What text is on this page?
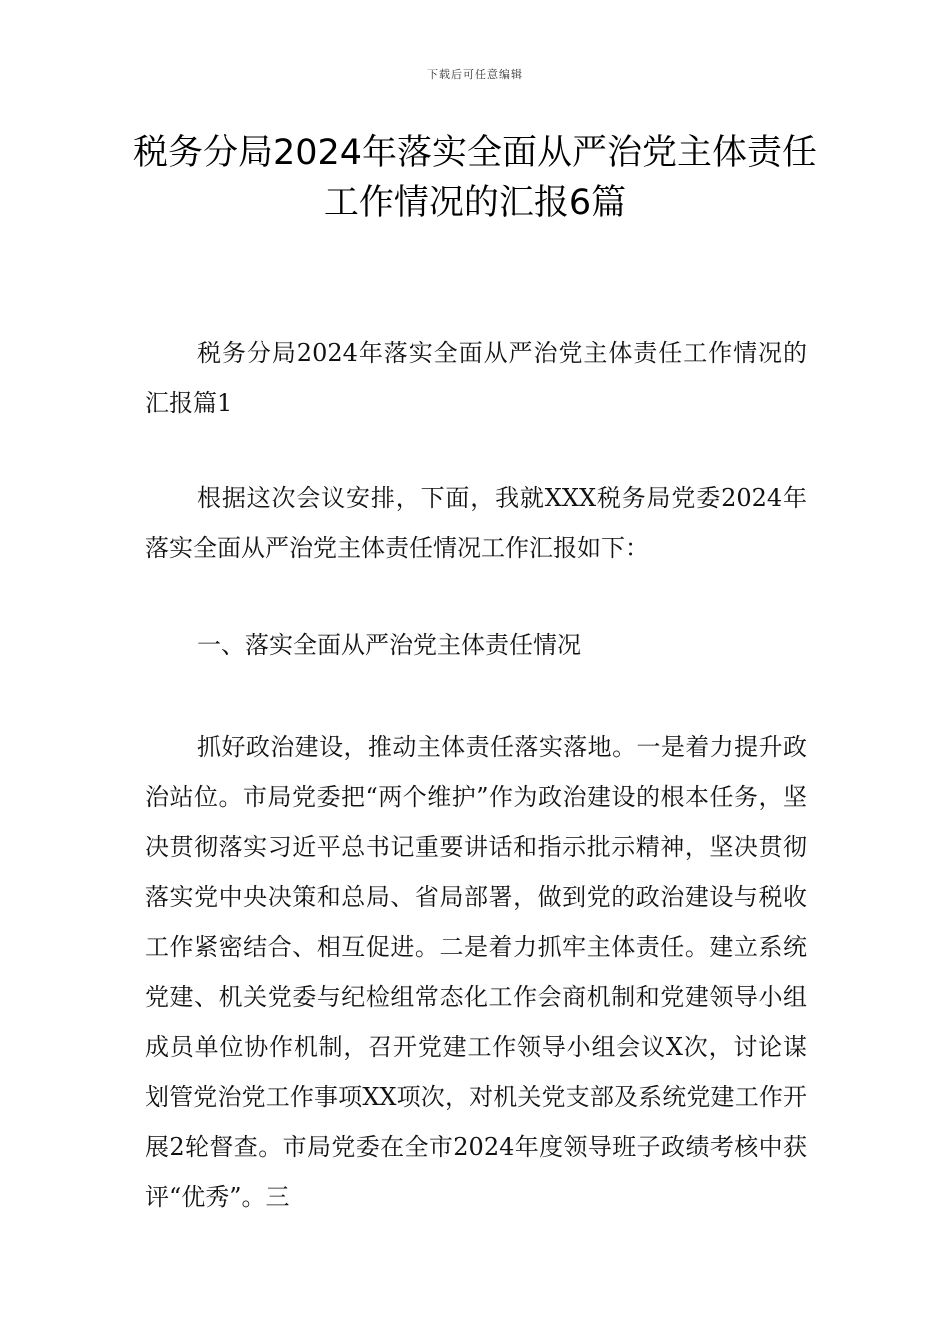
下载后可任意编辑
税务分局2024年落实全面从严治党主体责任工作情况的汇报6篇

税务分局2024年落实全面从严治党主体责任工作情况的汇报篇1

根据这次会议安排，下面，我就XXX税务局党委2024年落实全面从严治党主体责任情况工作汇报如下：

一、落实全面从严治党主体责任情况

抓好政治建设，推动主体责任落实落地。一是着力提升政治站位。市局党委把“两个维护”作为政治建设的根本任务，坚决贯彻落实习近平总书记重要讲话和指示批示精神，坚决贯彻落实党中央决策和总局、省局部署，做到党的政治建设与税收工作紧密结合、相互促进。二是着力抓牢主体责任。建立系统党建、机关党委与纪检组常态化工作会商机制和党建领导小组成员单位协作机制，召开党建工作领导小组会议X次，讨论谋划管党治党工作事项XX项次，对机关党支部及系统党建工作开展2轮督查。市局党委在全市2024年度领导班子政绩考核中获评“优秀”。三
